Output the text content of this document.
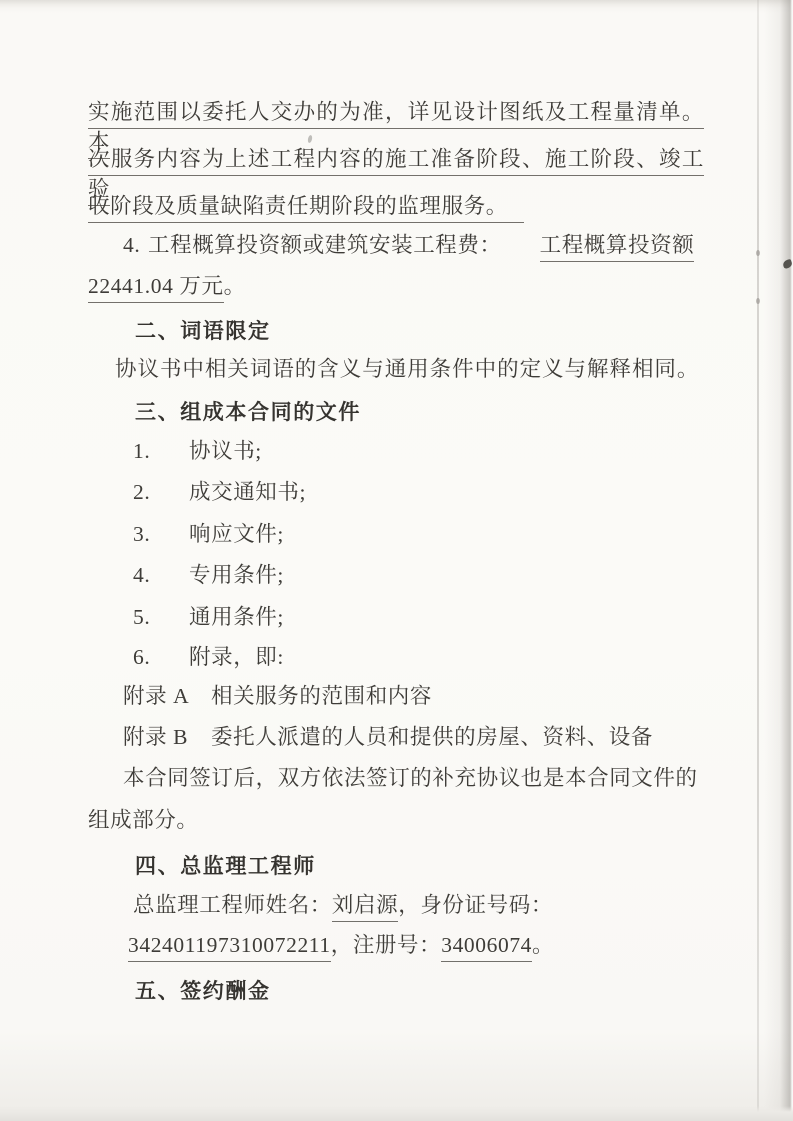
实施范围以委托人交办的为准，详见设计图纸及工程量清单。本
次服务内容为上述工程内容的施工准备阶段、施工阶段、竣工验
收阶段及质量缺陷责任期阶段的监理服务。
4. 工程概算投资额或建筑安装工程费： 工程概算投资额
22441.04 万元。
二、词语限定
协议书中相关词语的含义与通用条件中的定义与解释相同。
三、组成本合同的文件
1. 协议书;
2. 成交通知书;
3. 响应文件;
4. 专用条件;
5. 通用条件;
6. 附录，即:
附录 A 相关服务的范围和内容
附录 B 委托人派遣的人员和提供的房屋、资料、设备
本合同签订后，双方依法签订的补充协议也是本合同文件的
组成部分。
四、总监理工程师
总监理工程师姓名：刘启源，身份证号码：
342401197310072211，注册号：34006074。
五、签约酬金
